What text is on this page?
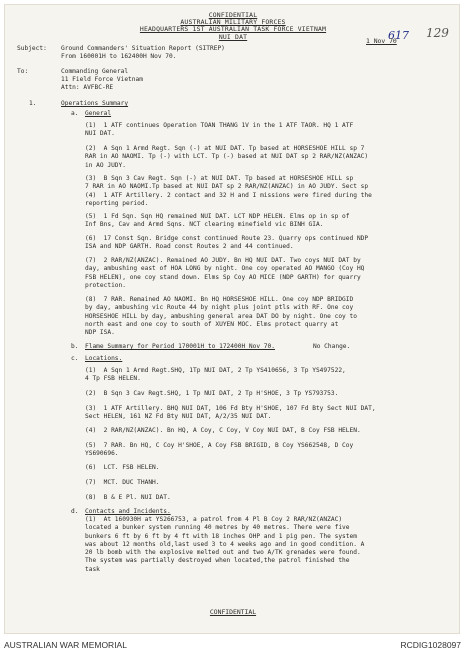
617 129
CONFIDENTIAL
AUSTRALIAN MILITARY FORCES
HEADQUARTERS 1ST AUSTRALIAN TASK FORCE VIETNAM
NUI DAT	1 Nov 70
Subject: Ground Commanders' Situation Report (SITREP)
From 160001H to 162400H Nov 70.
To:	Commanding General
11 Field Force Vietnam
Attn: AVFBC-RE
1.	Operations Summary
a. General
(1)  1 ATF continues Operation TOAN THANG 1V in the 1 ATF TAOR. HQ 1 ATF
NUI DAT.
(2)  A Sqn 1 Armd Regt. Sqn (-) at NUI DAT. Tp based at HORSESHOE HILL sp 7
RAR in AO NAOMI. Tp (-) with LCT. Tp (-) based at NUI DAT sp 2 RAR/NZ(ANZAC)
in AO JUDY.
(3)  B Sqn 3 Cav Regt. Sqn (-) at NUI DAT. Tp based at HORSESHOE HILL sp
7 RAR in AO NAOMI.Tp based at NUI DAT sp 2 RAR/NZ(ANZAC) in AO JUDY. Sect sp
(4)  1 ATF Artillery. 2 contact and 32 H and I missions were fired during the
reporting period.
(5)  1 Fd Sqn. Sqn HQ remained NUI DAT. LCT NDP HELEN. Elms op in sp of
Inf Bns, Cav and Armd Sqns. NCT clearing minefield vic BINH GIA.
(6)  17 Const Sqn. Bridge const continued Route 23. Quarry ops continued NDP
ISA and NDP GARTH. Road const Routes 2 and 44 continued.
(7)  2 RAR/NZ(ANZAC). Remained AO JUDY. Bn HQ NUI DAT. Two coys NUI DAT by
day, ambushing east of HOA LONG by night. One coy operated AO MANGO (Coy HQ
FSB HELEN), one coy stand down. Elms Sp Coy AO MICE (NDP GARTH) for quarry
protection.
(8)  7 RAR. Remained AO NAOMI. Bn HQ HORSESHOE HILL. One coy NDP BRIDGID
by day, ambushing vic Route 44 by night plus joint ptls with RF. One coy
HORSESHOE HILL by day, ambushing general area DAT DO by night. One coy to
north east and one coy to south of XUYEN MOC. Elms protect quarry at
NDP ISA.
b. Flame Summary for Period 170001H to 172400H Nov 70.	No Change.
c. Locations.
(1)  A Sqn 1 Armd Regt.SHQ, 1Tp NUI DAT, 2 Tp YS410656, 3 Tp YS497522,
4 Tp FSB HELEN.
(2)  B Sqn 3 Cav Regt.SHQ, 1 Tp NUI DAT, 2 Tp H'SHOE, 3 Tp YS793753.
(3)  1 ATF Artillery. BHQ NUI DAT, 106 Fd Bty H'SHOE, 107 Fd Bty Sect NUI DAT,
Sect HELEN, 161 NZ Fd Bty NUI DAT, A/2/35 NUI DAT.
(4)  2 RAR/NZ(ANZAC). Bn HQ, A Coy, C Coy, V Coy NUI DAT, B Coy FSB HELEN.
(5)  7 RAR. Bn HQ, C Coy H'SHOE, A Coy FSB BRIGID, B Coy YS662548, D Coy
YS690696.
(6)  LCT. FSB HELEN.
(7)  MCT. DUC THANH.
(8)  B & E Pl. NUI DAT.
d. Contacts and Incidents.
(1)  At 160930H at YS266753, a patrol from 4 Pl B Coy 2 RAR/NZ(ANZAC)
located a bunker system running 40 metres by 40 metres. There were five
bunkers 6 ft by 6 ft by 4 ft with 18 inches OHP and 1 pig pen. The system
was about 12 months old,last used 3 to 4 weeks ago and in good condition. A
20 lb bomb with the explosive melted out and two A/TK grenades were found.
The system was partially destroyed when located,the patrol finished the
task
CONFIDENTIAL
AUSTRALIAN WAR MEMORIAL	RCDIG1028097
